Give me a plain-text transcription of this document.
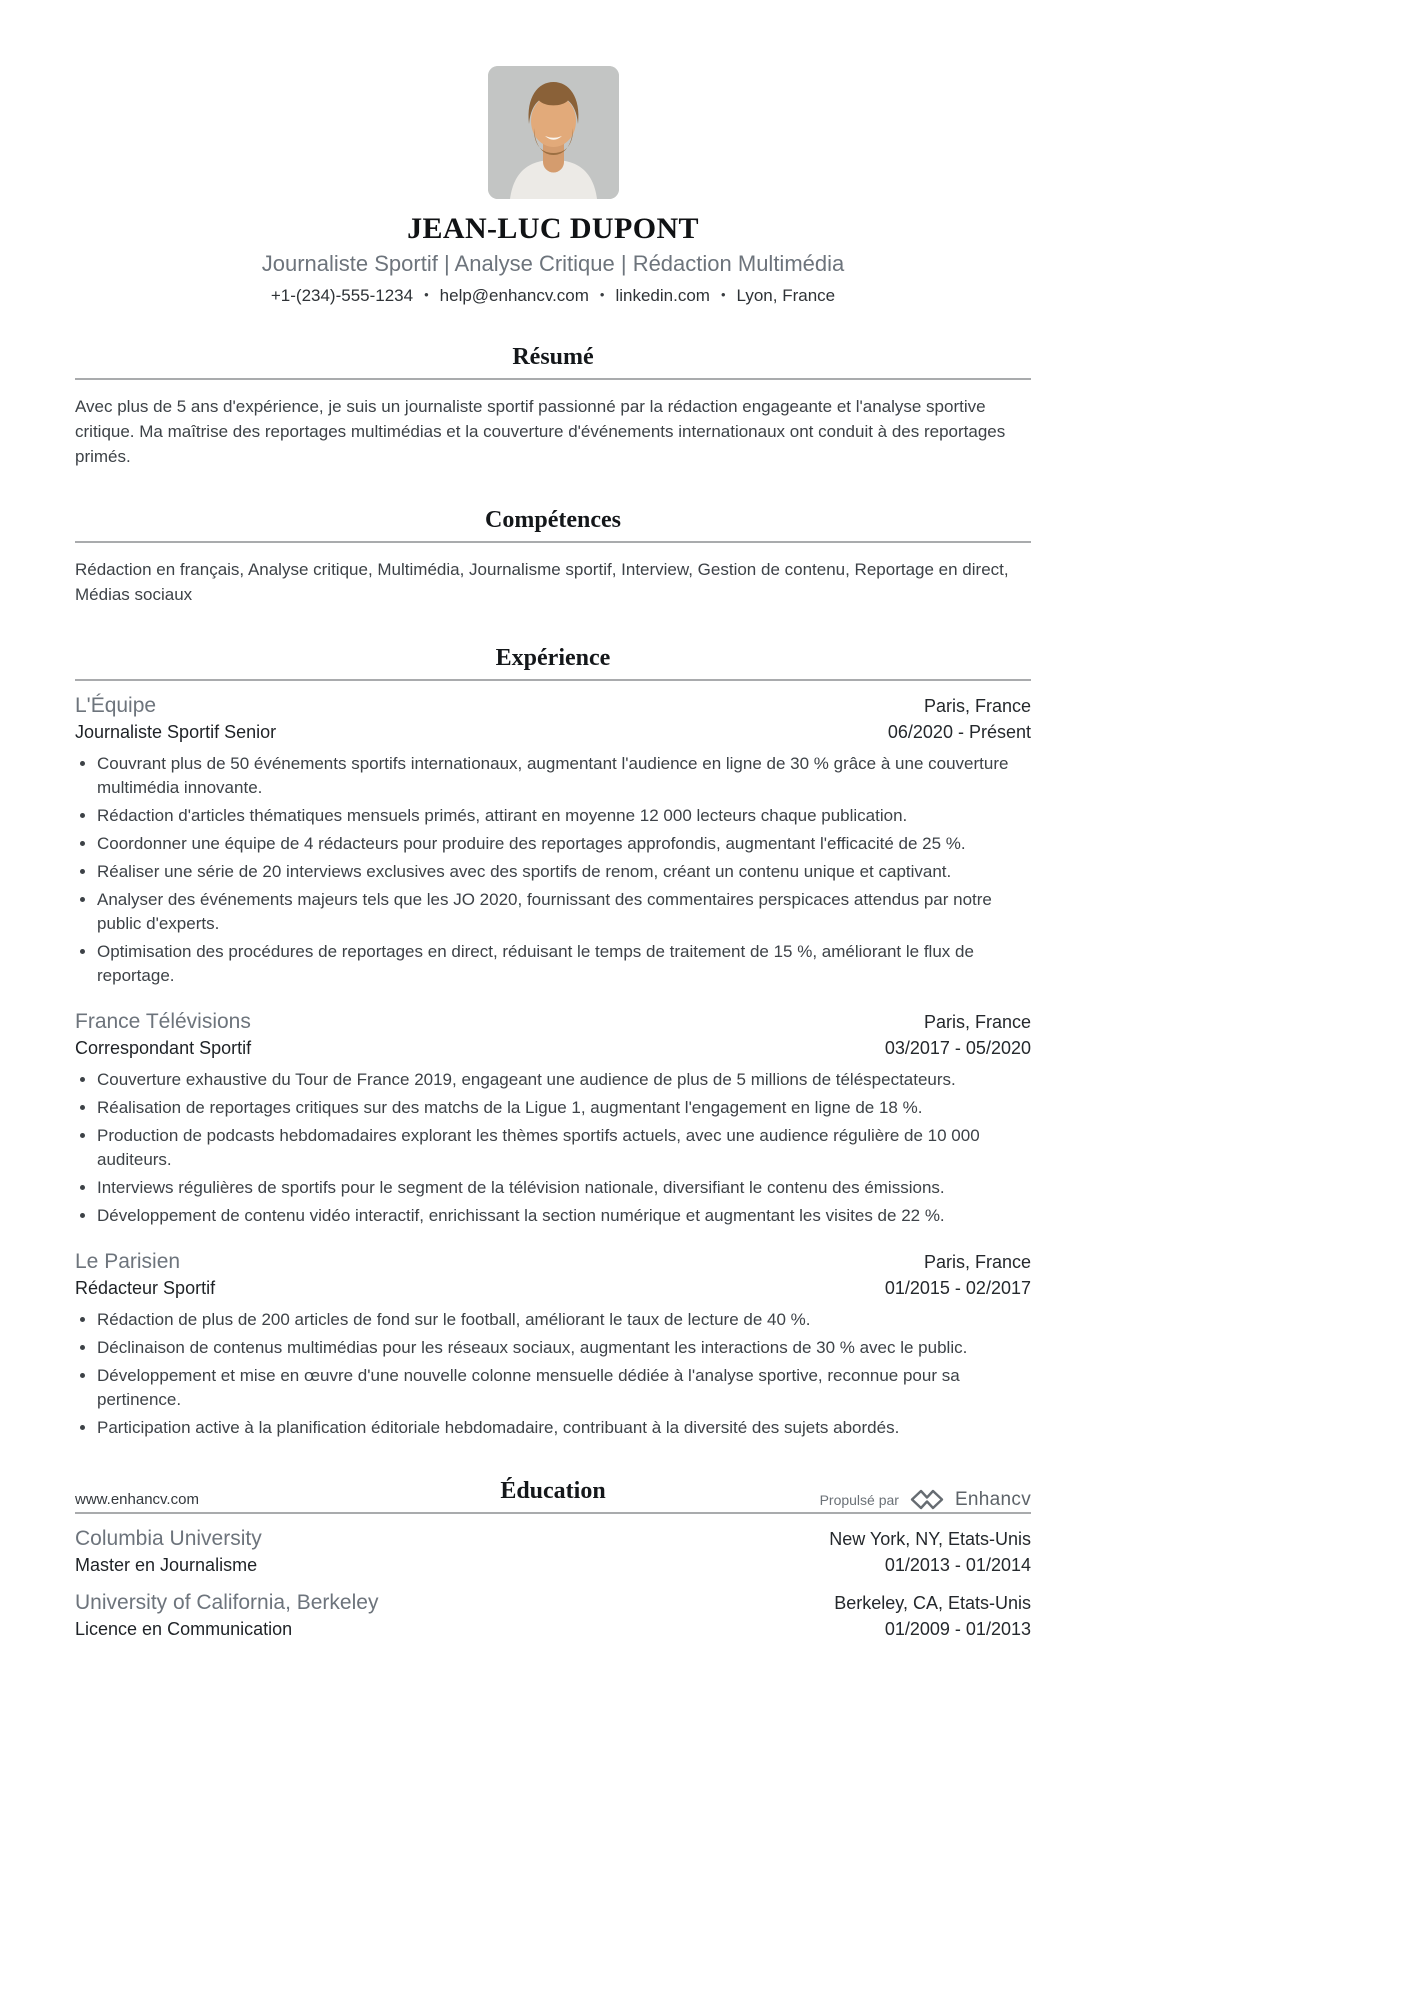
JEAN-LUC DUPONT
Journaliste Sportif | Analyse Critique | Rédaction Multimédia
+1-(234)-555-1234 • help@enhancv.com • linkedin.com • Lyon, France
Résumé

Avec plus de 5 ans d'expérience, je suis un journaliste sportif passionné par la rédaction engageante et l'analyse sportive critique. Ma maîtrise des reportages multimédias et la couverture d'événements internationaux ont conduit à des reportages primés.

Compétences

Rédaction en français, Analyse critique, Multimédia, Journalisme sportif, Interview, Gestion de contenu, Reportage en direct, Médias sociaux

Expérience
L'Équipe	Paris, France
Journaliste Sportif Senior	06/2020 - Présent
• Couvrant plus de 50 événements sportifs internationaux, augmentant l'audience en ligne de 30 % grâce à une couverture multimédia innovante.
• Rédaction d'articles thématiques mensuels primés, attirant en moyenne 12 000 lecteurs chaque publication.
• Coordonner une équipe de 4 rédacteurs pour produire des reportages approfondis, augmentant l'efficacité de 25 %.
• Réaliser une série de 20 interviews exclusives avec des sportifs de renom, créant un contenu unique et captivant.
• Analyser des événements majeurs tels que les JO 2020, fournissant des commentaires perspicaces attendus par notre public d'experts.
• Optimisation des procédures de reportages en direct, réduisant le temps de traitement de 15 %, améliorant le flux de reportage.
France Télévisions	Paris, France
Correspondant Sportif	03/2017 - 05/2020
• Couverture exhaustive du Tour de France 2019, engageant une audience de plus de 5 millions de téléspectateurs.
• Réalisation de reportages critiques sur des matchs de la Ligue 1, augmentant l'engagement en ligne de 18 %.
• Production de podcasts hebdomadaires explorant les thèmes sportifs actuels, avec une audience régulière de 10 000 auditeurs.
• Interviews régulières de sportifs pour le segment de la télévision nationale, diversifiant le contenu des émissions.
• Développement de contenu vidéo interactif, enrichissant la section numérique et augmentant les visites de 22 %.
Le Parisien	Paris, France
Rédacteur Sportif	01/2015 - 02/2017
• Rédaction de plus de 200 articles de fond sur le football, améliorant le taux de lecture de 40 %.
• Déclinaison de contenus multimédias pour les réseaux sociaux, augmentant les interactions de 30 % avec le public.
• Développement et mise en œuvre d'une nouvelle colonne mensuelle dédiée à l'analyse sportive, reconnue pour sa pertinence.
• Participation active à la planification éditoriale hebdomadaire, contribuant à la diversité des sujets abordés.
Éducation
Columbia University	New York, NY, Etats-Unis
Master en Journalisme	01/2013 - 01/2014
University of California, Berkeley	Berkeley, CA, Etats-Unis
Licence en Communication	01/2009 - 01/2013
www.enhancv.com	Propulsé par	Enhancv
